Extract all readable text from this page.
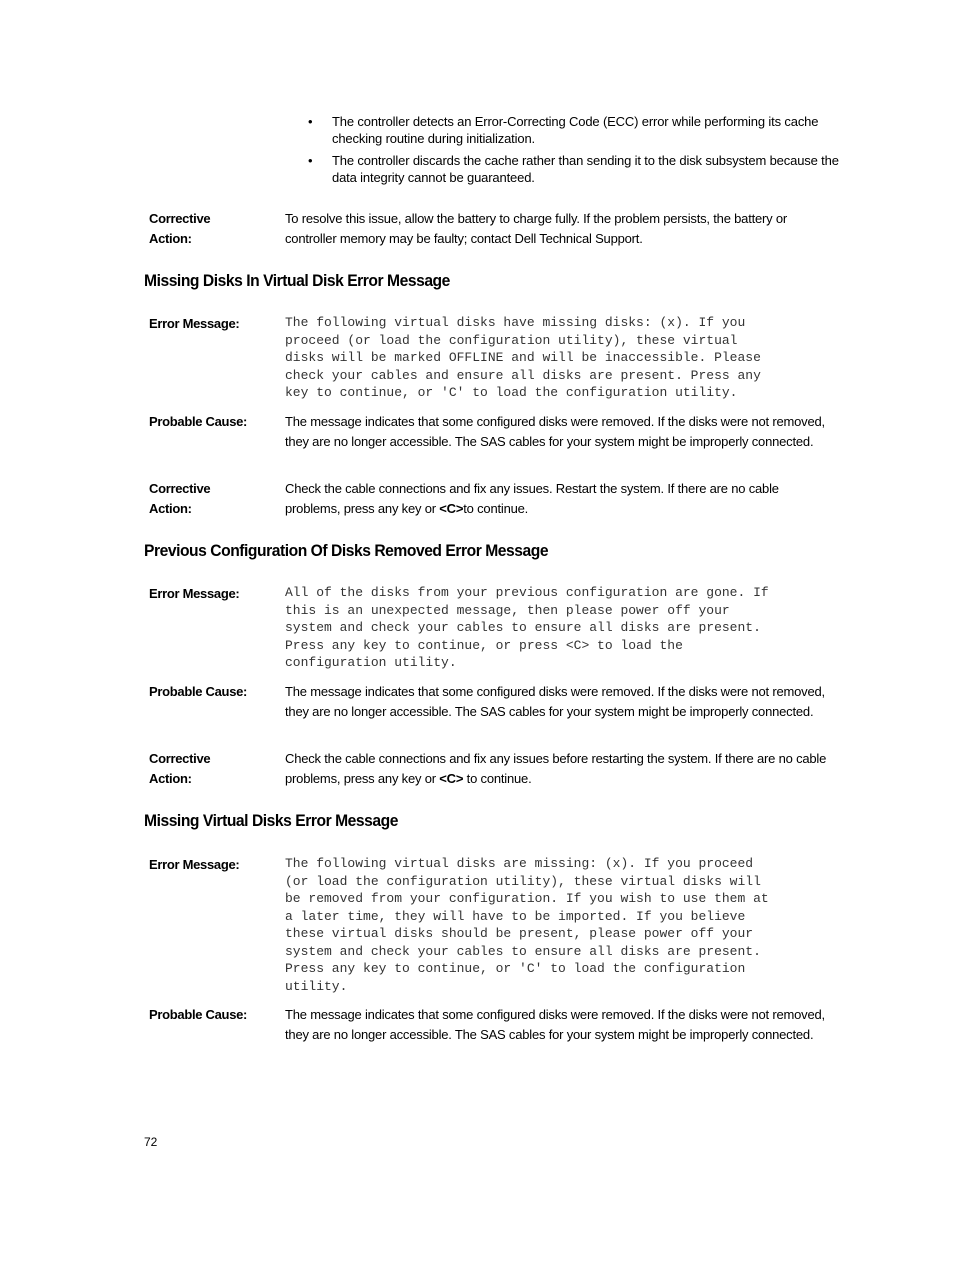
• The controller detects an Error-Correcting Code (ECC) error while performing its cache checking routine during initialization.
• The controller discards the cache rather than sending it to the disk subsystem because the data integrity cannot be guaranteed.
Corrective
Action:
To resolve this issue, allow the battery to charge fully. If the problem persists, the battery or controller memory may be faulty; contact Dell Technical Support.
Missing Disks In Virtual Disk Error Message
Error Message:	The following virtual disks have missing disks: (x). If you
proceed (or load the configuration utility), these virtual
disks will be marked OFFLINE and will be inaccessible. Please
check your cables and ensure all disks are present. Press any
key to continue, or 'C' to load the configuration utility.
Probable Cause:	The message indicates that some configured disks were removed. If the disks were not removed, they are no longer accessible. The SAS cables for your system might be improperly connected.
Corrective
Action:
Check the cable connections and fix any issues. Restart the system. If there are no cable problems, press any key or <C>to continue.
Previous Configuration Of Disks Removed Error Message
Error Message:	All of the disks from your previous configuration are gone. If
this is an unexpected message, then please power off your
system and check your cables to ensure all disks are present.
Press any key to continue, or press <C> to load the
configuration utility.
Probable Cause:	The message indicates that some configured disks were removed. If the disks were not removed, they are no longer accessible. The SAS cables for your system might be improperly connected.
Corrective
Action:
Check the cable connections and fix any issues before restarting the system. If there are no cable problems, press any key or <C> to continue.
Missing Virtual Disks Error Message
Error Message:	The following virtual disks are missing: (x). If you proceed
(or load the configuration utility), these virtual disks will
be removed from your configuration. If you wish to use them at
a later time, they will have to be imported. If you believe
these virtual disks should be present, please power off your
system and check your cables to ensure all disks are present.
Press any key to continue, or 'C' to load the configuration
utility.
Probable Cause:	The message indicates that some configured disks were removed. If the disks were not removed, they are no longer accessible. The SAS cables for your system might be improperly connected.
72
